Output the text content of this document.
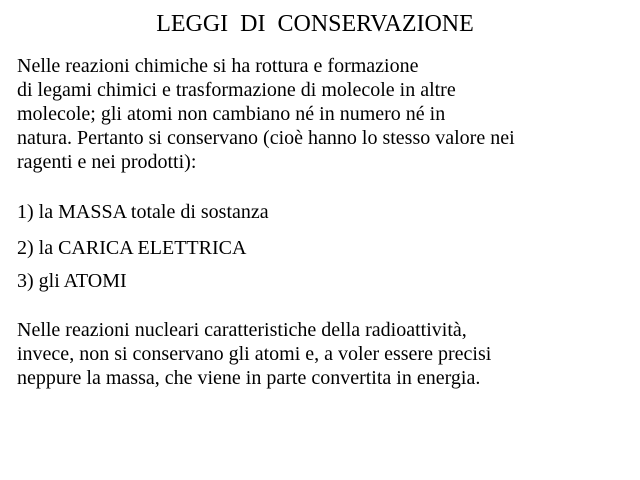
LEGGI  DI  CONSERVAZIONE
Nelle reazioni chimiche si ha rottura e formazione
di legami chimici e trasformazione di molecole in altre
molecole; gli atomi non cambiano né in numero né in
natura. Pertanto si conservano (cioè hanno lo stesso valore nei
ragenti e nei prodotti):
1) la MASSA totale di sostanza
2) la CARICA ELETTRICA
3) gli ATOMI
Nelle reazioni nucleari caratteristiche della radioattività,
invece, non si conservano gli atomi e, a voler essere precisi
neppure la massa, che viene in parte convertita in energia.
